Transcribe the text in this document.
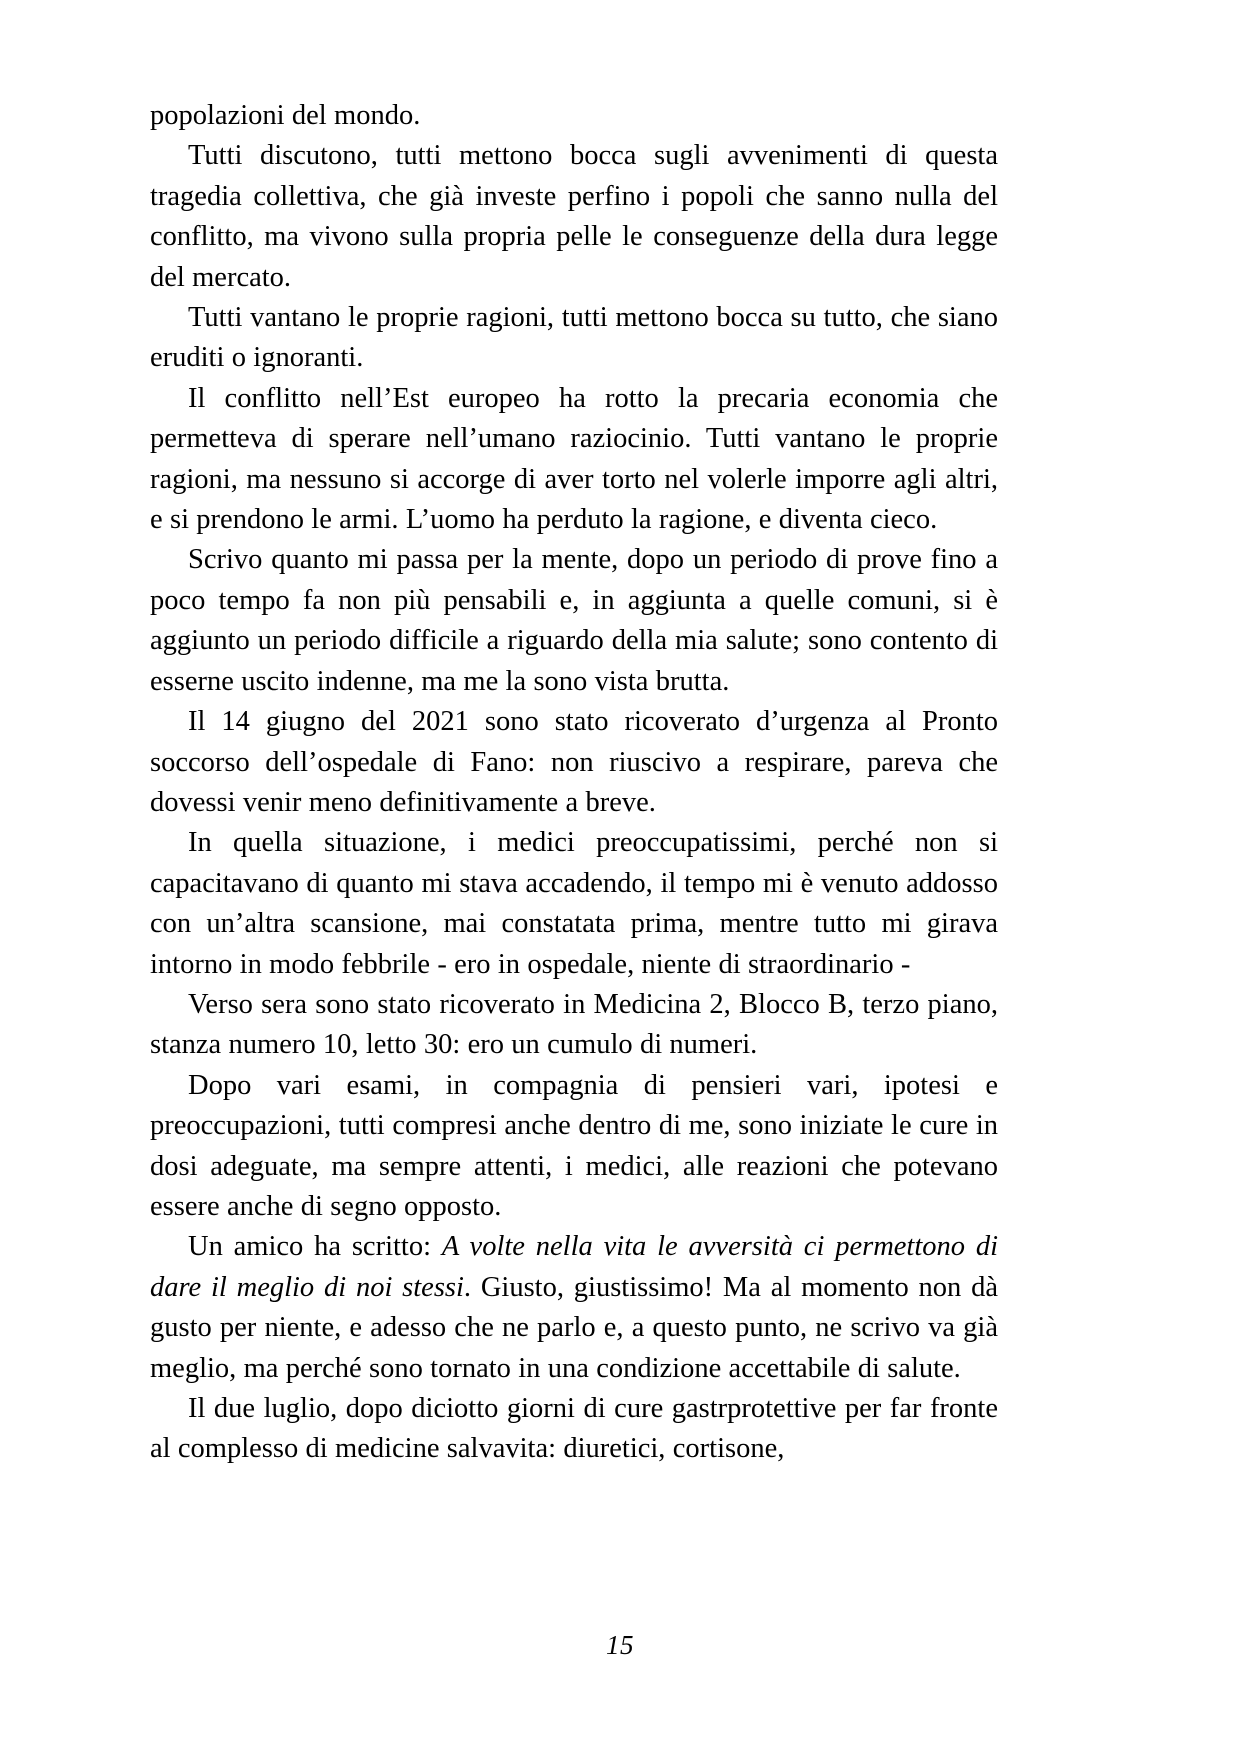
popolazioni del mondo.

Tutti discutono, tutti mettono bocca sugli avvenimenti di questa tragedia collettiva, che già investe perfino i popoli che sanno nulla del conflitto, ma vivono sulla propria pelle le conseguenze della dura legge del mercato.

Tutti vantano le proprie ragioni, tutti mettono bocca su tutto, che siano eruditi o ignoranti.

Il conflitto nell’Est europeo ha rotto la precaria economia che permetteva di sperare nell’umano raziocinio. Tutti vantano le proprie ragioni, ma nessuno si accorge di aver torto nel volerle imporre agli altri, e si prendono le armi. L’uomo ha perduto la ragione, e diventa cieco.

Scrivo quanto mi passa per la mente, dopo un periodo di prove fino a poco tempo fa non più pensabili e, in aggiunta a quelle comuni, si è aggiunto un periodo difficile a riguardo della mia salute; sono contento di esserne uscito indenne, ma me la sono vista brutta.

Il 14 giugno del 2021 sono stato ricoverato d’urgenza al Pronto soccorso dell’ospedale di Fano: non riuscivo a respirare, pareva che dovessi venir meno definitivamente a breve.

In quella situazione, i medici preoccupatissimi, perché non si capacitavano di quanto mi stava accadendo, il tempo mi è venuto addosso con un’altra scansione, mai constatata prima, mentre tutto mi girava intorno in modo febbrile - ero in ospedale, niente di straordinario -

Verso sera sono stato ricoverato in Medicina 2, Blocco B, terzo piano, stanza numero 10, letto 30: ero un cumulo di numeri.

Dopo vari esami, in compagnia di pensieri vari, ipotesi e preoccupazioni, tutti compresi anche dentro di me, sono iniziate le cure in dosi adeguate, ma sempre attenti, i medici, alle reazioni che potevano essere anche di segno opposto.

Un amico ha scritto: A volte nella vita le avversità ci permettono di dare il meglio di noi stessi. Giusto, giustissimo! Ma al momento non dà gusto per niente, e adesso che ne parlo e, a questo punto, ne scrivo va già meglio, ma perché sono tornato in una condizione accettabile di salute.

Il due luglio, dopo diciotto giorni di cure gastrprotettive per far fronte al complesso di medicine salvavita: diuretici, cortisone,

15
